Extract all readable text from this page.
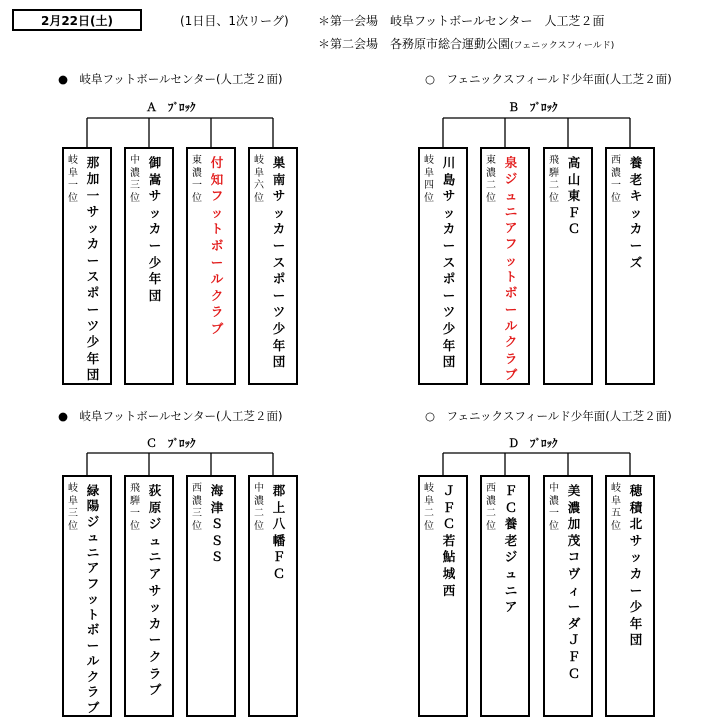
2月22日(土)	(1日目、1次リーグ) ＊第一会場　岐阜フットボールセンター　人工芝２面
＊第二会場　各務原市総合運動公園(フェニックスフィールド)
●　岐阜フットボールセンター(人工芝２面)
Ａ　ﾌﾞﾛｯｸ
岐阜一位
那加一サッカースポーツ少年団
中濃三位
御嵩サッカー少年団
東濃一位
付知フットボールクラブ
岐阜六位
巣南サッカースポーツ少年団
○　フェニックスフィールド少年面(人工芝２面)
Ｂ　ﾌﾞﾛｯｸ
岐阜四位
川島サッカースポーツ少年団
東濃二位
泉ジュニアフットボールクラブ
飛騨二位
高山東ＦＣ
西濃一位
養老キッカーズ
●　岐阜フットボールセンター(人工芝２面)
Ｃ　ﾌﾞﾛｯｸ
岐阜三位
緑陽ジュニアフットボールクラブ
飛騨一位
荻原ジュニアサッカークラブ
西濃三位
海津ＳＳＳ
中濃二位
郡上八幡ＦＣ
○　フェニックスフィールド少年面(人工芝２面)
Ｄ　ﾌﾞﾛｯｸ
岐阜二位
ＪＦＣ若鮎城西
西濃二位
ＦＣ養老ジュニア
中濃一位
美濃加茂コヴィーダＪＦＣ
岐阜五位
穂積北サッカー少年団
